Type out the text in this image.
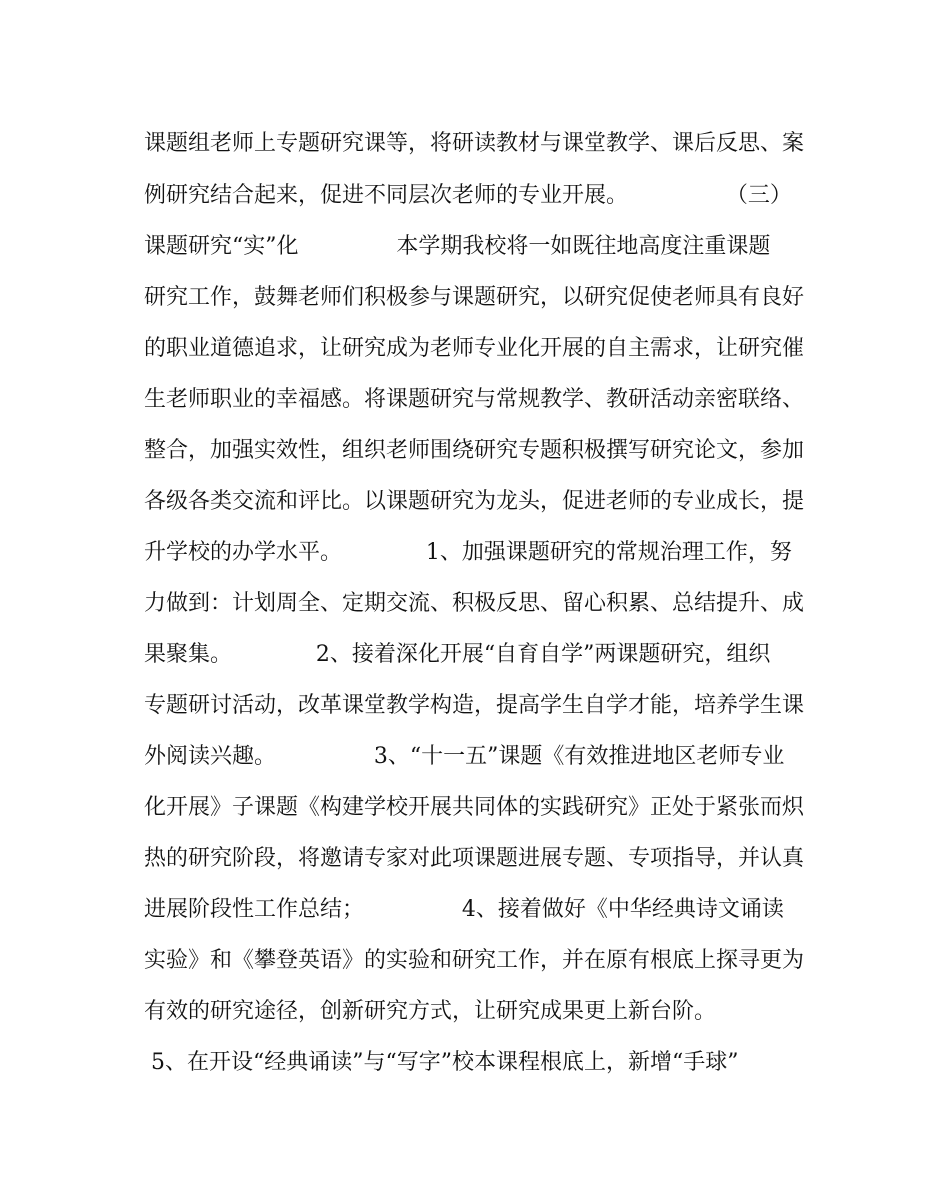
课题组老师上专题研究课等，将研读教材与课堂教学、课后反思、案
例研究结合起来，促进不同层次老师的专业开展。              （三）
课题研究“实”化              本学期我校将一如既往地高度注重课题
研究工作，鼓舞老师们积极参与课题研究，以研究促使老师具有良好
的职业道德追求，让研究成为老师专业化开展的自主需求，让研究催
生老师职业的幸福感。将课题研究与常规教学、教研活动亲密联络、
整合，加强实效性，组织老师围绕研究专题积极撰写研究论文，参加
各级各类交流和评比。以课题研究为龙头，促进老师的专业成长，提
升学校的办学水平。            1、加强课题研究的常规治理工作，努
力做到：计划周全、定期交流、积极反思、留心积累、总结提升、成
果聚集。            2、接着深化开展“自育自学”两课题研究，组织
专题研讨活动，改革课堂教学构造，提高学生自学才能，培养学生课
外阅读兴趣。              3、“十一五”课题《有效推进地区老师专业
化开展》子课题《构建学校开展共同体的实践研究》正处于紧张而炽
热的研究阶段，将邀请专家对此项课题进展专题、专项指导，并认真
进展阶段性工作总结；              4、接着做好《中华经典诗文诵读
实验》和《攀登英语》的实验和研究工作，并在原有根底上探寻更为
有效的研究途径，创新研究方式，让研究成果更上新台阶。
5、在开设“经典诵读”与“写字”校本课程根底上，新增“手球”
